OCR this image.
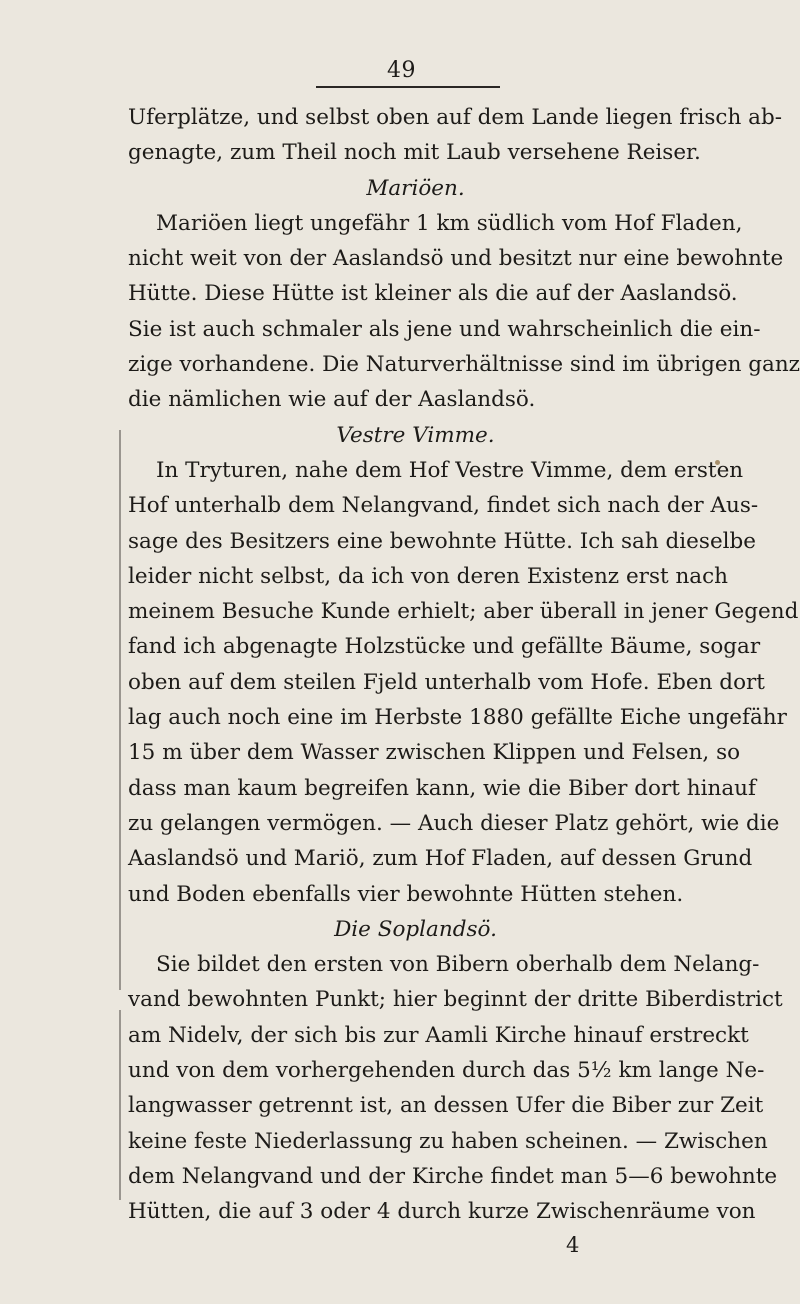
49
Uferplätze, und selbst oben auf dem Lande liegen frisch ab-
genagte, zum Theil noch mit Laub versehene Reiser.
Mariöen.
Mariöen liegt ungefähr 1 km südlich vom Hof Fladen,
nicht weit von der Aaslandsö und besitzt nur eine bewohnte
Hütte. Diese Hütte ist kleiner als die auf der Aaslandsö.
Sie ist auch schmaler als jene und wahrscheinlich die ein-
zige vorhandene. Die Naturverhältnisse sind im übrigen ganz
die nämlichen wie auf der Aaslandsö.
Vestre Vimme.
In Tryturen, nahe dem Hof Vestre Vimme, dem ersten
Hof unterhalb dem Nelangvand, findet sich nach der Aus-
sage des Besitzers eine bewohnte Hütte. Ich sah dieselbe
leider nicht selbst, da ich von deren Existenz erst nach
meinem Besuche Kunde erhielt; aber überall in jener Gegend
fand ich abgenagte Holzstücke und gefällte Bäume, sogar
oben auf dem steilen Fjeld unterhalb vom Hofe. Eben dort
lag auch noch eine im Herbste 1880 gefällte Eiche ungefähr
15 m über dem Wasser zwischen Klippen und Felsen, so
dass man kaum begreifen kann, wie die Biber dort hinauf
zu gelangen vermögen. — Auch dieser Platz gehört, wie die
Aaslandsö und Mariö, zum Hof Fladen, auf dessen Grund
und Boden ebenfalls vier bewohnte Hütten stehen.
Die Soplandsö.
Sie bildet den ersten von Bibern oberhalb dem Nelang-
vand bewohnten Punkt; hier beginnt der dritte Biberdistrict
am Nidelv, der sich bis zur Aamli Kirche hinauf erstreckt
und von dem vorhergehenden durch das 5½ km lange Ne-
langwasser getrennt ist, an dessen Ufer die Biber zur Zeit
keine feste Niederlassung zu haben scheinen. — Zwischen
dem Nelangvand und der Kirche findet man 5—6 bewohnte
Hütten, die auf 3 oder 4 durch kurze Zwischenräume von
4
